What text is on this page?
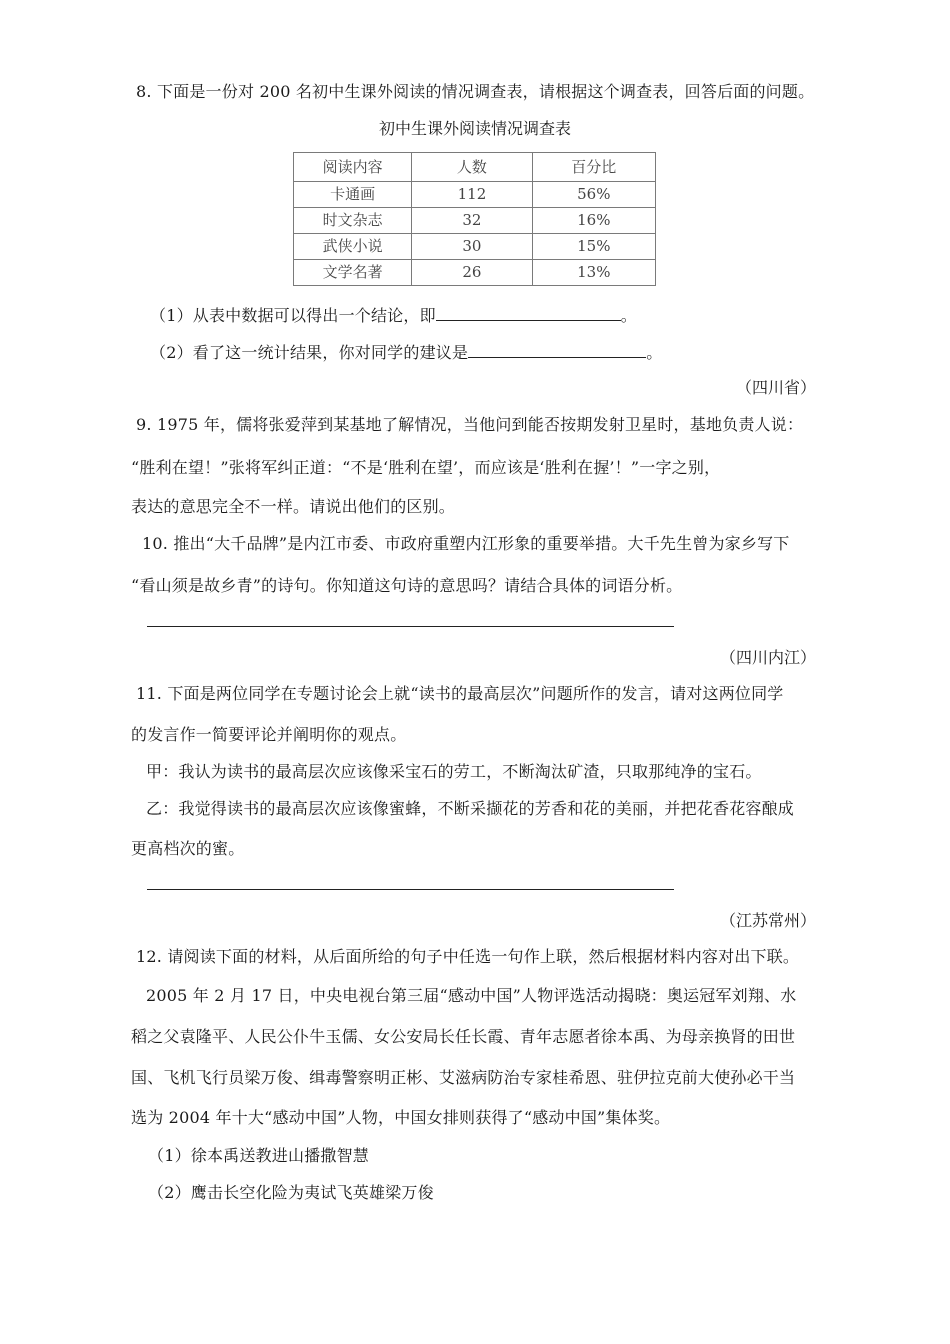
8. 下面是一份对 200 名初中生课外阅读的情况调查表，请根据这个调查表，回答后面的问题。
初中生课外阅读情况调查表
阅读内容	人数	百分比
卡通画	112	56%
时文杂志	32	16%
武侠小说	30	15%
文学名著	26	13%
（1）从表中数据可以得出一个结论，即	。
（2）看了这一统计结果，你对同学的建议是	。
（四川省）
9. 1975 年，儒将张爱萍到某基地了解情况，当他问到能否按期发射卫星时，基地负责人说：
“胜利在望！”张将军纠正道：“不是‘胜利在望’，而应该是‘胜利在握’！”一字之别，
表达的意思完全不一样。请说出他们的区别。
10. 推出“大千品牌”是内江市委、市政府重塑内江形象的重要举措。大千先生曾为家乡写下
“看山须是故乡青”的诗句。你知道这句诗的意思吗？请结合具体的词语分析。
（四川内江）
11. 下面是两位同学在专题讨论会上就“读书的最高层次”问题所作的发言，请对这两位同学
的发言作一简要评论并阐明你的观点。
甲：我认为读书的最高层次应该像采宝石的劳工，不断淘汰矿渣，只取那纯净的宝石。
乙：我觉得读书的最高层次应该像蜜蜂，不断采撷花的芳香和花的美丽，并把花香花容酿成
更高档次的蜜。
（江苏常州）
12. 请阅读下面的材料，从后面所给的句子中任选一句作上联，然后根据材料内容对出下联。
2005 年 2 月 17 日，中央电视台第三届“感动中国”人物评选活动揭晓：奥运冠军刘翔、水
稻之父袁隆平、人民公仆牛玉儒、女公安局长任长霞、青年志愿者徐本禹、为母亲换肾的田世
国、飞机飞行员梁万俊、缉毒警察明正彬、艾滋病防治专家桂希恩、驻伊拉克前大使孙必干当
选为 2004 年十大“感动中国”人物，中国女排则获得了“感动中国”集体奖。
（1）徐本禹送教进山播撒智慧
（2）鹰击长空化险为夷试飞英雄梁万俊
